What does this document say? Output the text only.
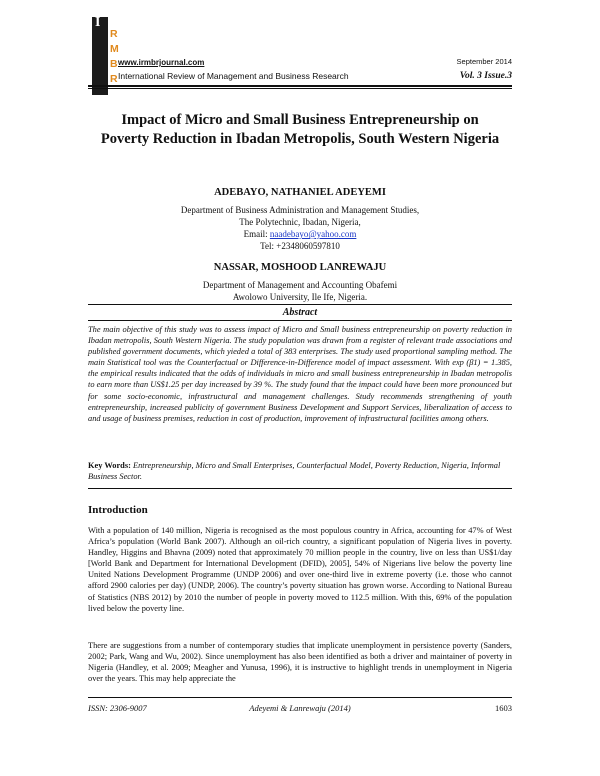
I
R
M
B
R
www.irmbrjournal.com	September 2014
International Review of Management and Business Research	Vol. 3 Issue.3
Impact of Micro and Small Business Entrepreneurship on Poverty Reduction in Ibadan Metropolis, South Western Nigeria
ADEBAYO, NATHANIEL ADEYEMI
Department of Business Administration and Management Studies,
The Polytechnic, Ibadan, Nigeria,
Email: naadebayo@yahoo.com
Tel: +2348060597810
NASSAR, MOSHOOD LANREWAJU
Department of Management and Accounting Obafemi
Awolowo University, Ile Ife, Nigeria.
Abstract
The main objective of this study was to assess impact of Micro and Small business entrepreneurship on poverty reduction in Ibadan metropolis, South Western Nigeria. The study population was drawn from a register of relevant trade associations and published government documents, which yieded a total of 383 enterprises. The study used proportional sampling method. The main Statistical tool was the Counterfactual or Difference-in-Difference model of impact assessment. With exp (β1) = 1.385, the empirical results indicated that the odds of individuals in micro and small business entrepreneurship in Ibadan metropolis to earn more than US$1.25 per day increased by 39 %. The study found that the impact could have been more pronounced but for some socio-economic, infrastructural and management challenges. Study recommends strengthening of youth entrepreneurship, increased publicity of government Business Development and Support Services, liberalization of access to and usage of business premises, reduction in cost of production, improvement of infrastructural facilities among others.
Key Words: Entrepreneurship, Micro and Small Enterprises, Counterfactual Model, Poverty Reduction, Nigeria, Informal Business Sector.
Introduction
With a population of 140 million, Nigeria is recognised as the most populous country in Africa, accounting for 47% of West Africa’s population (World Bank 2007). Although an oil-rich country, a significant population of Nigeria lives in poverty. Handley, Higgins and Bhavna (2009) noted that approximately 70 million people in the country, live on less than US$1/day [World Bank and Department for International Development (DFID), 2005], 54% of Nigerians live below the poverty line United Nations Development Programme (UNDP 2006) and over one-third live in extreme poverty (i.e. those who cannot afford 2900 calories per day) (UNDP, 2006). The country’s poverty situation has grown worse. According to National Bureau of Statistics (NBS 2012) by 2010 the number of people in poverty moved to 112.5 million. With this, 69% of the population lived below the poverty line.
There are suggestions from a number of contemporary studies that implicate unemployment in persistence poverty (Sanders, 2002; Park, Wang and Wu, 2002). Since unemployment has also been identified as both a driver and maintainer of poverty in Nigeria (Handley, et al. 2009; Meagher and Yunusa, 1996), it is instructive to highlight trends in unemployment in Nigeria over the years. This may help appreciate the
ISSN: 2306-9007	Adeyemi & Lanrewaju (2014)	1603
